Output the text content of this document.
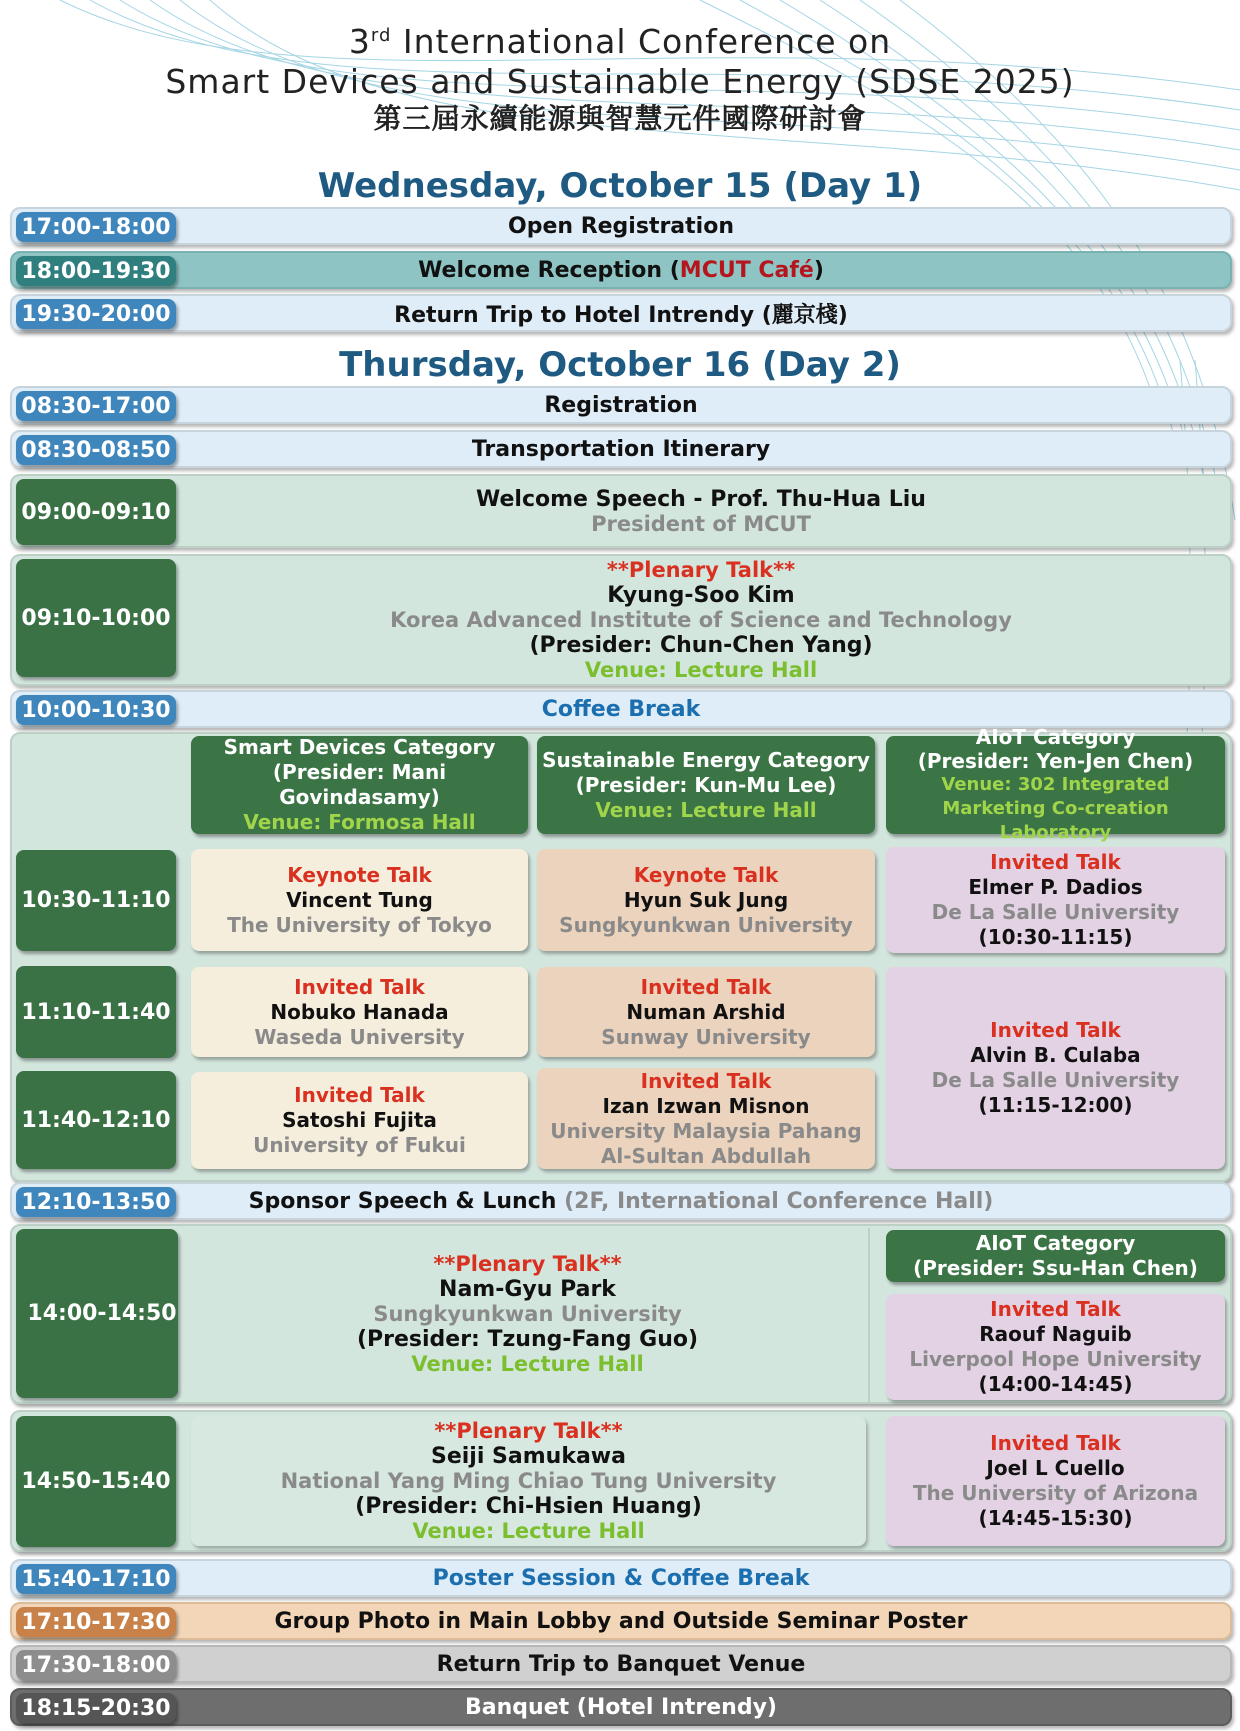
3rd International Conference on
Smart Devices and Sustainable Energy (SDSE 2025)
第三屆永續能源與智慧元件國際研討會
Wednesday, October 15 (Day 1)
Open Registration
17:00-18:00
Welcome Reception (MCUT Café)
18:00-19:30
Return Trip to Hotel Intrendy (麗京棧)
19:30-20:00
Thursday, October 16 (Day 2)
Registration
08:30-17:00
Transportation Itinerary
08:30-08:50
Welcome Speech - Prof. Thu-Hua Liu
President of MCUT
09:00-09:10
**Plenary Talk**
Kyung-Soo Kim
Korea Advanced Institute of Science and Technology
(Presider: Chun-Chen Yang)
Venue: Lecture Hall
09:10-10:00
Coffee Break
10:00-10:30
Smart Devices Category
(Presider: Mani Govindasamy)
Venue: Formosa Hall
Sustainable Energy Category
(Presider: Kun-Mu Lee)
Venue: Lecture Hall
AIoT Category
(Presider: Yen-Jen Chen)
Venue: 302 Integrated Marketing Co-creation Laboratory
10:30-11:10
Keynote Talk
Vincent Tung
The University of Tokyo
Keynote Talk
Hyun Suk Jung
Sungkyunkwan University
Invited Talk
Elmer P. Dadios
De La Salle University
(10:30-11:15)
11:10-11:40
Invited Talk
Nobuko Hanada
Waseda University
Invited Talk
Numan Arshid
Sunway University	Invited Talk
Alvin B. Culaba
De La Salle University
(11:15-12:00)
11:40-12:10
Invited Talk
Satoshi Fujita
University of Fukui
Invited Talk
Izan Izwan Misnon
University Malaysia Pahang
Al-Sultan Abdullah
Sponsor Speech & Lunch (2F, International Conference Hall)
12:10-13:50
14:00-14:50
**Plenary Talk**
Nam-Gyu Park
Sungkyunkwan University
(Presider: Tzung-Fang Guo)
Venue: Lecture Hall
AIoT Category
(Presider: Ssu-Han Chen)
Invited Talk
Raouf Naguib
Liverpool Hope University
(14:00-14:45)
14:50-15:40
**Plenary Talk**
Seiji Samukawa
National Yang Ming Chiao Tung University
(Presider: Chi-Hsien Huang)
Venue: Lecture Hall
Invited Talk
Joel L Cuello
The University of Arizona
(14:45-15:30)
Poster Session & Coffee Break
15:40-17:10
Group Photo in Main Lobby and Outside Seminar Poster
17:10-17:30
Return Trip to Banquet Venue
17:30-18:00
Banquet (Hotel Intrendy)
18:15-20:30
